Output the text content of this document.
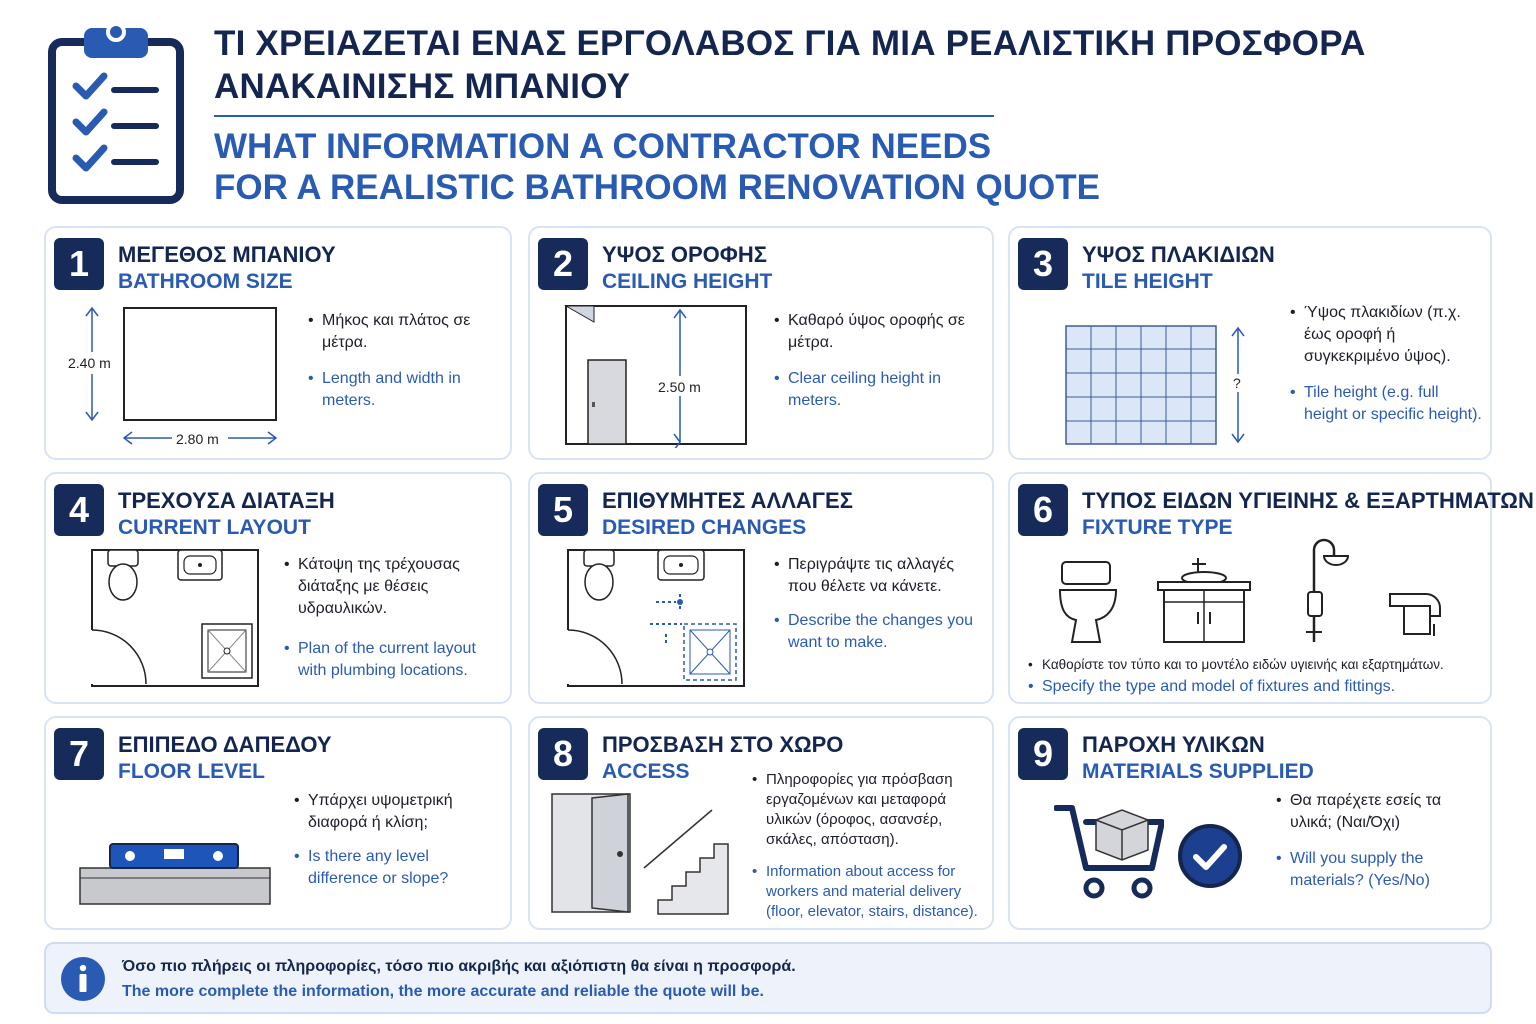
ΤΙ ΧΡΕΙΑΖΕΤΑΙ ΕΝΑΣ ΕΡΓΟΛΑΒΟΣ ΓΙΑ ΜΙΑ ΡΕΑΛΙΣΤΙΚΗ ΠΡΟΣΦΟΡΑ ΑΝΑΚΑΙΝΙΣΗΣ ΜΠΑΝΙΟΥ
WHAT INFORMATION A CONTRACTOR NEEDS
FOR A REALISTIC BATHROOM RENOVATION QUOTE
1	ΜΕΓΕΘΟΣ ΜΠΑΝΙΟΥ
BATHROOM SIZE
2.40 m
2.80 m
• Μήκος και πλάτος σε μέτρα.
• Length and width in meters.
2	ΥΨΟΣ ΟΡΟΦΗΣ
CEILING HEIGHT
2.50 m
• Καθαρό ύψος οροφής σε μέτρα.
• Clear ceiling height in meters.
3	ΥΨΟΣ ΠΛΑΚΙΔΙΩΝ
TILE HEIGHT
?
• Ύψος πλακιδίων (π.χ. έως οροφή ή συγκεκριμένο ύψος).
• Tile height (e.g. full height or specific height).
4	ΤΡΕΧΟΥΣΑ ΔΙΑΤΑΞΗ
CURRENT LAYOUT
• Κάτοψη της τρέχουσας διάταξης με θέσεις υδραυλικών.
• Plan of the current layout with plumbing locations.
5	ΕΠΙΘΥΜΗΤΕΣ ΑΛΛΑΓΕΣ
DESIRED CHANGES
• Περιγράψτε τις αλλαγές που θέλετε να κάνετε.
• Describe the changes you want to make.
6	ΤΥΠΟΣ ΕΙΔΩΝ ΥΓΙΕΙΝΗΣ & ΕΞΑΡΤΗΜΑΤΩΝ
FIXTURE TYPE
• Καθορίστε τον τύπο και το μοντέλο ειδών υγιεινής και εξαρτημάτων.
• Specify the type and model of fixtures and fittings.
7	ΕΠΙΠΕΔΟ ΔΑΠΕΔΟΥ
FLOOR LEVEL
• Υπάρχει υψομετρική διαφορά ή κλίση;
• Is there any level difference or slope?
8	ΠΡΟΣΒΑΣΗ ΣΤΟ ΧΩΡΟ
ACCESS
•	Πληροφορίες για πρόσβαση εργαζομένων και μεταφορά υλικών (όροφος, ασανσέρ, σκάλες, απόσταση).
• Information about access for workers and material delivery (floor, elevator, stairs, distance).
9	ΠΑΡΟΧΗ ΥΛΙΚΩΝ
MATERIALS SUPPLIED
• Θα παρέχετε εσείς τα υλικά; (Ναι/Όχι)
• Will you supply the materials? (Yes/No)
Όσο πιο πλήρεις οι πληροφορίες, τόσο πιο ακριβής και αξιόπιστη θα είναι η προσφορά.
The more complete the information, the more accurate and reliable the quote will be.
